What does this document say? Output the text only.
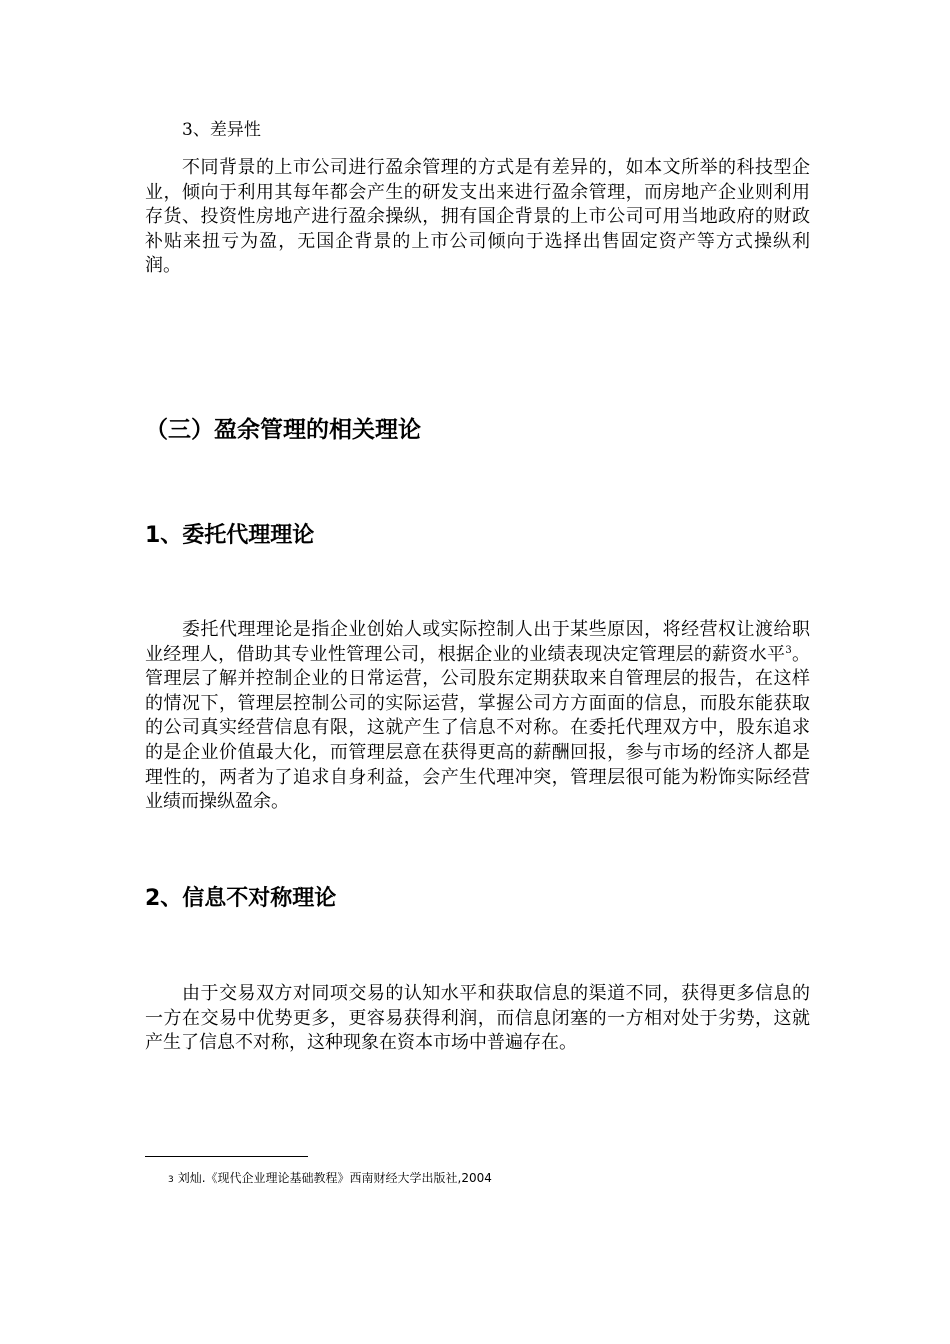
3、差异性

不同背景的上市公司进行盈余管理的方式是有差异的，如本文所举的科技型企业，倾向于利用其每年都会产生的研发支出来进行盈余管理，而房地产企业则利用存货、投资性房地产进行盈余操纵，拥有国企背景的上市公司可用当地政府的财政补贴来扭亏为盈，无国企背景的上市公司倾向于选择出售固定资产等方式操纵利润。

（三）盈余管理的相关理论
1、委托代理理论

委托代理理论是指企业创始人或实际控制人出于某些原因，将经营权让渡给职业经理人，借助其专业性管理公司，根据企业的业绩表现决定管理层的薪资水平$^3$。管理层了解并控制企业的日常运营，公司股东定期获取来自管理层的报告，在这样的情况下，管理层控制公司的实际运营，掌握公司方方面面的信息，而股东能获取的公司真实经营信息有限，这就产生了信息不对称。在委托代理双方中，股东追求的是企业价值最大化，而管理层意在获得更高的薪酬回报，参与市场的经济人都是理性的，两者为了追求自身利益，会产生代理冲突，管理层很可能为粉饰实际经营业绩而操纵盈余。

2、信息不对称理论

由于交易双方对同项交易的认知水平和获取信息的渠道不同，获得更多信息的一方在交易中优势更多，更容易获得利润，而信息闭塞的一方相对处于劣势，这就产生了信息不对称，这种现象在资本市场中普遍存在。

3 刘灿.《现代企业理论基础教程》西南财经大学出版社,2004
